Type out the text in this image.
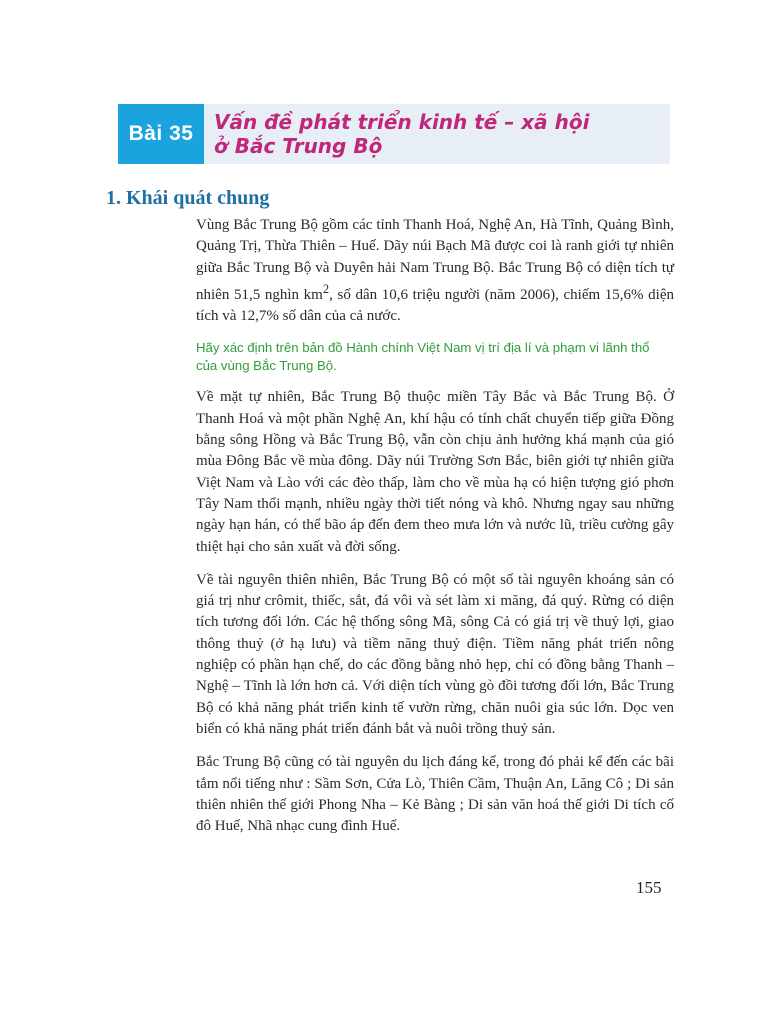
Bài 35	Vấn đề phát triển kinh tế – xã hội
ở Bắc Trung Bộ
1. Khái quát chung

Vùng Bắc Trung Bộ gồm các tỉnh Thanh Hoá, Nghệ An, Hà Tĩnh, Quảng Bình, Quảng Trị, Thừa Thiên – Huế. Dãy núi Bạch Mã được coi là ranh giới tự nhiên giữa Bắc Trung Bộ và Duyên hải Nam Trung Bộ. Bắc Trung Bộ có diện tích tự nhiên 51,5 nghìn $km^2$, số dân 10,6 triệu người (năm 2006), chiếm 15,6% diện tích và 12,7% số dân của cả nước.

Hãy xác định trên bản đồ Hành chính Việt Nam vị trí địa lí và phạm vi lãnh thổ của vùng Bắc Trung Bộ.

Về mặt tự nhiên, Bắc Trung Bộ thuộc miền Tây Bắc và Bắc Trung Bộ. Ở Thanh Hoá và một phần Nghệ An, khí hậu có tính chất chuyển tiếp giữa Đồng bằng sông Hồng và Bắc Trung Bộ, vẫn còn chịu ảnh hưởng khá mạnh của gió mùa Đông Bắc về mùa đông. Dãy núi Trường Sơn Bắc, biên giới tự nhiên giữa Việt Nam và Lào với các đèo thấp, làm cho về mùa hạ có hiện tượng gió phơn Tây Nam thổi mạnh, nhiều ngày thời tiết nóng và khô. Nhưng ngay sau những ngày hạn hán, có thể bão áp đến đem theo mưa lớn và nước lũ, triều cường gây thiệt hại cho sản xuất và đời sống.

Về tài nguyên thiên nhiên, Bắc Trung Bộ có một số tài nguyên khoáng sản có giá trị như crômit, thiếc, sắt, đá vôi và sét làm xi măng, đá quý. Rừng có diện tích tương đối lớn. Các hệ thống sông Mã, sông Cả có giá trị về thuỷ lợi, giao thông thuỷ (ở hạ lưu) và tiềm năng thuỷ điện. Tiềm năng phát triển nông nghiệp có phần hạn chế, do các đồng bằng nhỏ hẹp, chỉ có đồng bằng Thanh – Nghệ – Tĩnh là lớn hơn cả. Với diện tích vùng gò đồi tương đối lớn, Bắc Trung Bộ có khả năng phát triển kinh tế vườn rừng, chăn nuôi gia súc lớn. Dọc ven biển có khả năng phát triển đánh bắt và nuôi trồng thuỷ sản.

Bắc Trung Bộ cũng có tài nguyên du lịch đáng kể, trong đó phải kể đến các bãi tắm nổi tiếng như : Sầm Sơn, Cửa Lò, Thiên Cầm, Thuận An, Lăng Cô ; Di sản thiên nhiên thế giới Phong Nha – Kẻ Bàng ; Di sản văn hoá thế giới Di tích cố đô Huế, Nhã nhạc cung đình Huế.

155
